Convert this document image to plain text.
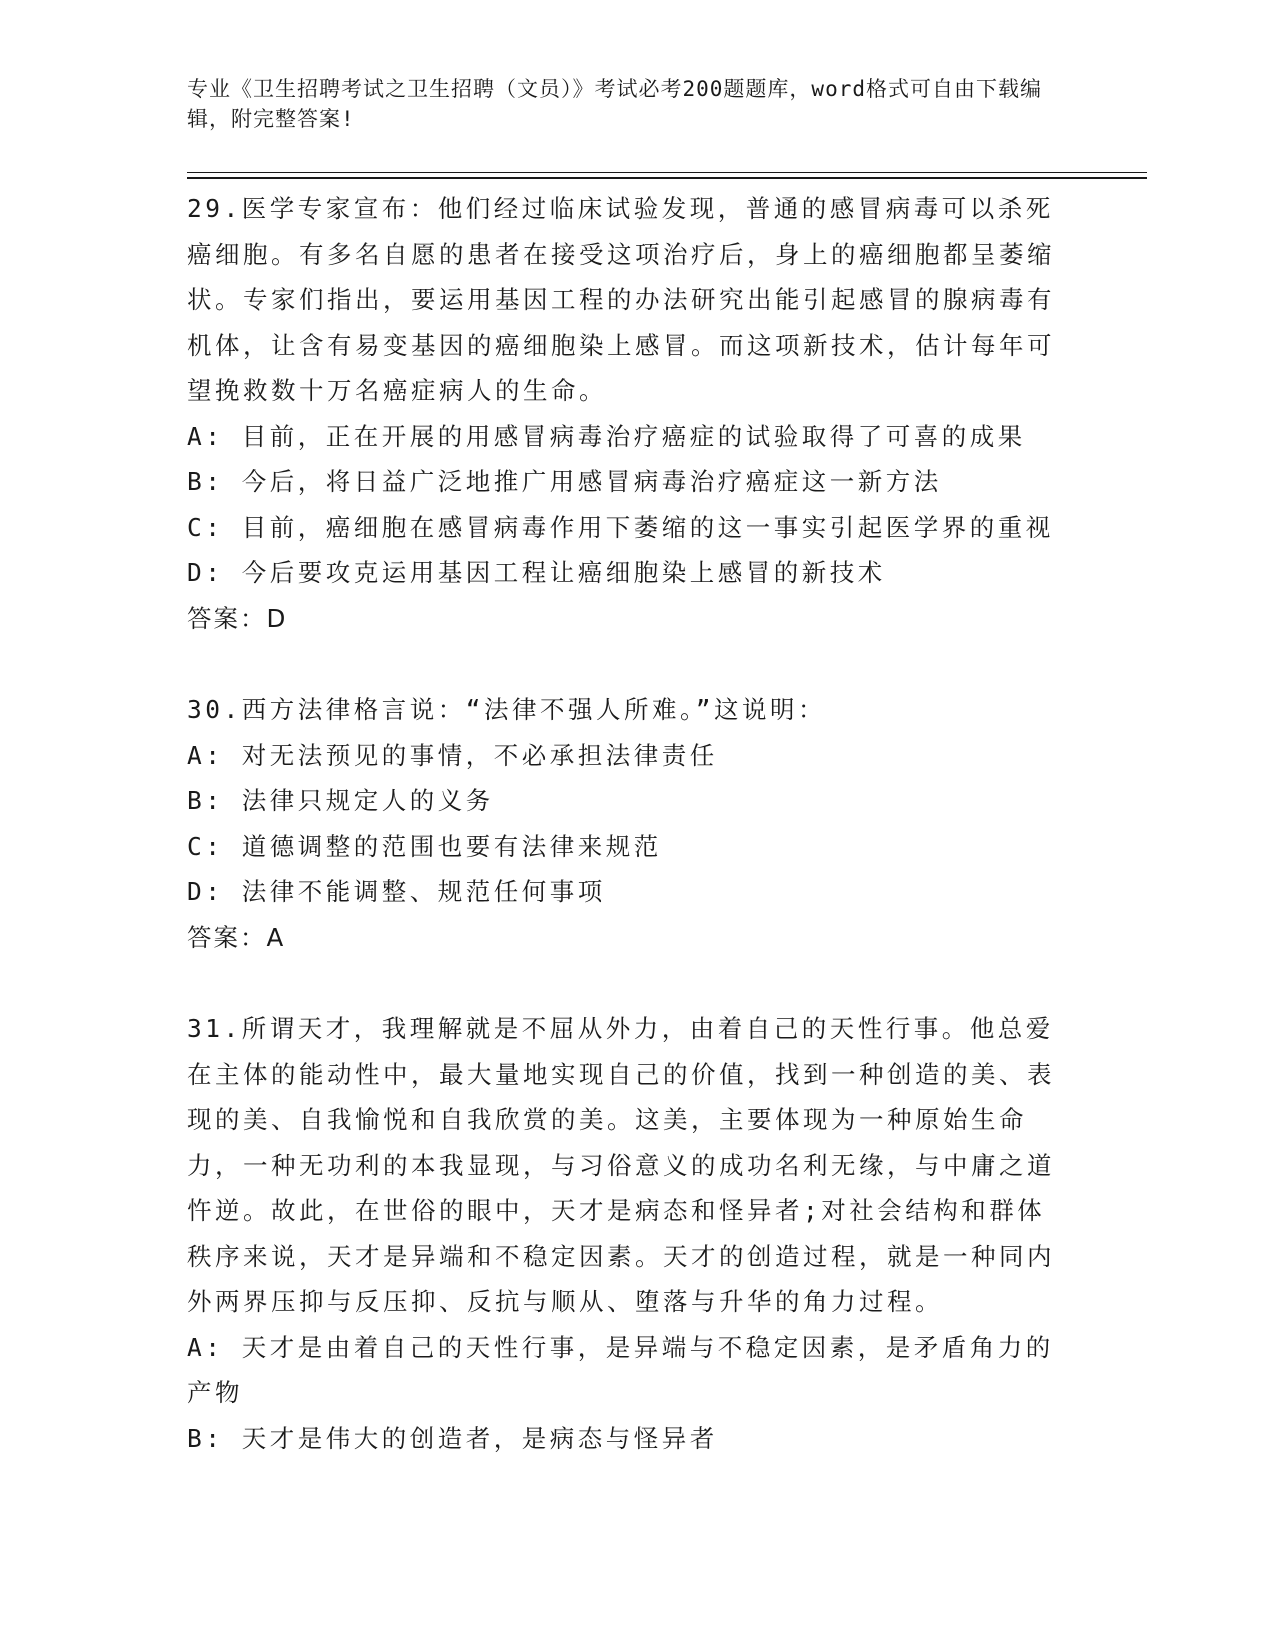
专业《卫生招聘考试之卫生招聘（文员）》考试必考200题题库，word格式可自由下载编辑，附完整答案!
29.医学专家宣布：他们经过临床试验发现，普通的感冒病毒可以杀死癌细胞。有多名自愿的患者在接受这项治疗后，身上的癌细胞都呈萎缩状。专家们指出，要运用基因工程的办法研究出能引起感冒的腺病毒有机体，让含有易变基因的癌细胞染上感冒。而这项新技术，估计每年可望挽救数十万名癌症病人的生命。
A: 目前，正在开展的用感冒病毒治疗癌症的试验取得了可喜的成果
B: 今后，将日益广泛地推广用感冒病毒治疗癌症这一新方法
C: 目前，癌细胞在感冒病毒作用下萎缩的这一事实引起医学界的重视
D: 今后要攻克运用基因工程让癌细胞染上感冒的新技术
答案：D
30.西方法律格言说：“法律不强人所难。”这说明：
A: 对无法预见的事情，不必承担法律责任
B: 法律只规定人的义务
C: 道德调整的范围也要有法律来规范
D: 法律不能调整、规范任何事项
答案：A
31.所谓天才，我理解就是不屈从外力，由着自己的天性行事。他总爱在主体的能动性中，最大量地实现自己的价值，找到一种创造的美、表现的美、自我愉悦和自我欣赏的美。这美，主要体现为一种原始生命力，一种无功利的本我显现，与习俗意义的成功名利无缘，与中庸之道忤逆。故此，在世俗的眼中，天才是病态和怪异者;对社会结构和群体秩序来说，天才是异端和不稳定因素。天才的创造过程，就是一种同内外两界压抑与反压抑、反抗与顺从、堕落与升华的角力过程。
A: 天才是由着自己的天性行事，是异端与不稳定因素，是矛盾角力的产物
B: 天才是伟大的创造者，是病态与怪异者
